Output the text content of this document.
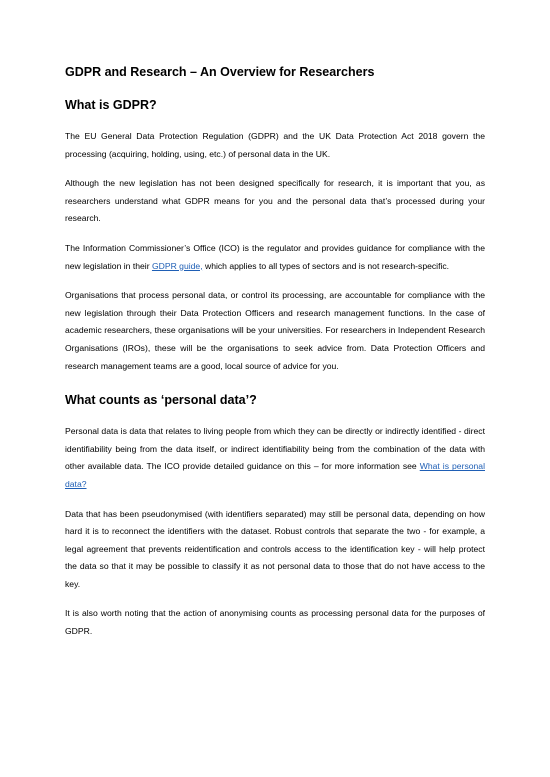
GDPR and Research – An Overview for Researchers
What is GDPR?

The EU General Data Protection Regulation (GDPR) and the UK Data Protection Act 2018 govern the processing (acquiring, holding, using, etc.) of personal data in the UK.

Although the new legislation has not been designed specifically for research, it is important that you, as researchers understand what GDPR means for you and the personal data that’s processed during your research.

The Information Commissioner’s Office (ICO) is the regulator and provides guidance for compliance with the new legislation in their GDPR guide, which applies to all types of sectors and is not research-specific.

Organisations that process personal data, or control its processing, are accountable for compliance with the new legislation through their Data Protection Officers and research management functions. In the case of academic researchers, these organisations will be your universities. For researchers in Independent Research Organisations (IROs), these will be the organisations to seek advice from. Data Protection Officers and research management teams are a good, local source of advice for you.

What counts as ‘personal data’?

Personal data is data that relates to living people from which they can be directly or indirectly identified - direct identifiability being from the data itself, or indirect identifiability being from the combination of the data with other available data. The ICO provide detailed guidance on this – for more information see What is personal data?

Data that has been pseudonymised (with identifiers separated) may still be personal data, depending on how hard it is to reconnect the identifiers with the dataset. Robust controls that separate the two - for example, a legal agreement that prevents reidentification and controls access to the identification key - will help protect the data so that it may be possible to classify it as not personal data to those that do not have access to the key.

It is also worth noting that the action of anonymising counts as processing personal data for the purposes of GDPR.
